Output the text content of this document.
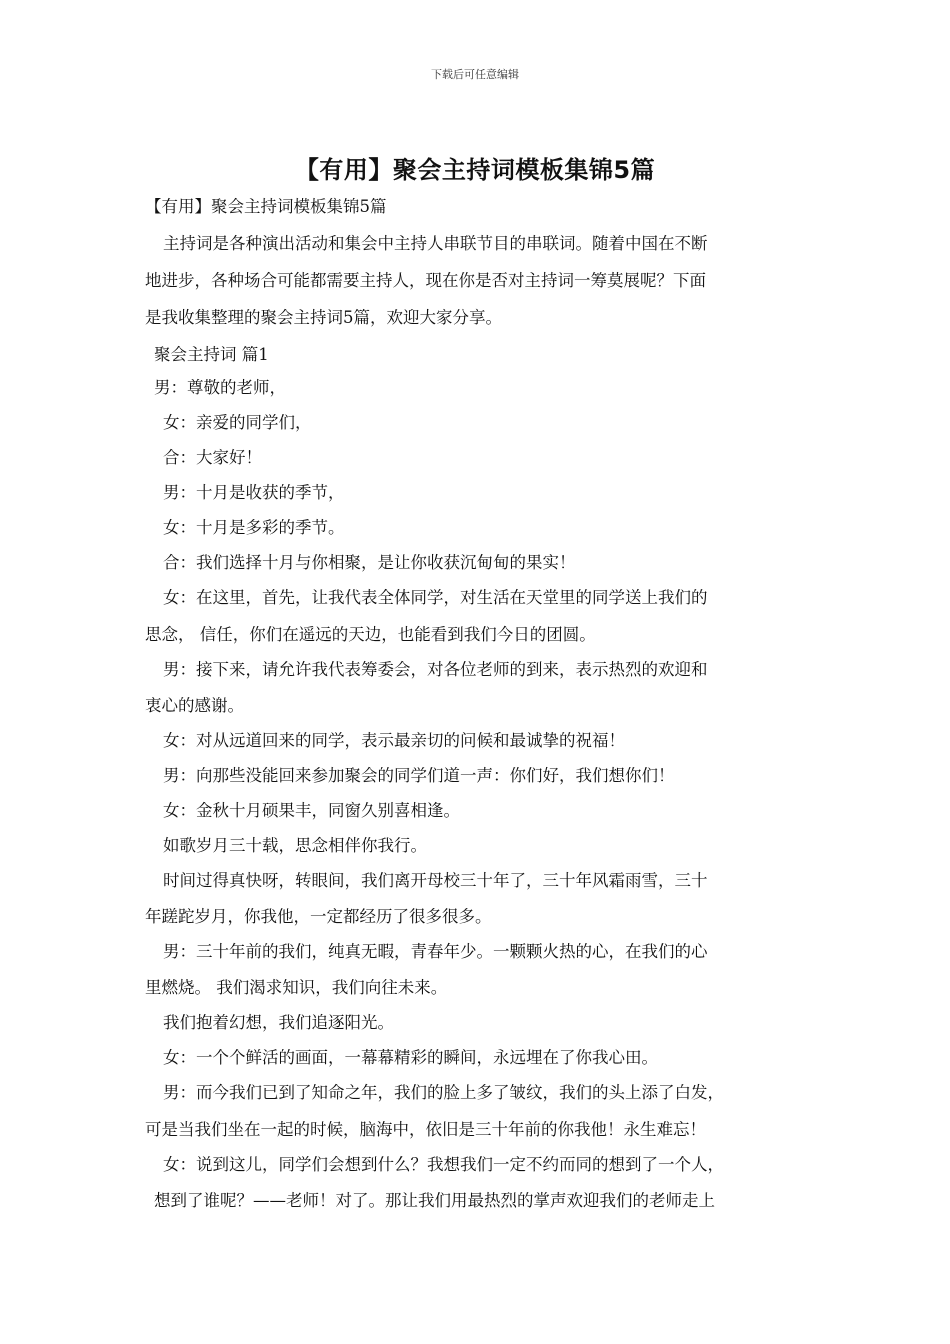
下载后可任意编辑
【有用】聚会主持词模板集锦5篇
【有用】聚会主持词模板集锦5篇
主持词是各种演出活动和集会中主持人串联节目的串联词。随着中国在不断
地进步，各种场合可能都需要主持人，现在你是否对主持词一筹莫展呢？下面
是我收集整理的聚会主持词5篇，欢迎大家分享。
聚会主持词 篇1
男：尊敬的老师，
女：亲爱的同学们，
合：大家好！
男：十月是收获的季节，
女：十月是多彩的季节。
合：我们选择十月与你相聚，是让你收获沉甸甸的果实！
女：在这里，首先，让我代表全体同学，对生活在天堂里的同学送上我们的
思念， 信任，你们在遥远的天边，也能看到我们今日的团圆。
男：接下来，请允许我代表筹委会，对各位老师的到来，表示热烈的欢迎和
衷心的感谢。
女：对从远道回来的同学，表示最亲切的问候和最诚挚的祝福！
男：向那些没能回来参加聚会的同学们道一声：你们好，我们想你们！
女：金秋十月硕果丰，同窗久别喜相逢。
如歌岁月三十载，思念相伴你我行。
时间过得真快呀，转眼间，我们离开母校三十年了，三十年风霜雨雪，三十
年蹉跎岁月，你我他，一定都经历了很多很多。
男：三十年前的我们，纯真无暇，青春年少。一颗颗火热的心，在我们的心
里燃烧。 我们渴求知识，我们向往未来。
我们抱着幻想，我们追逐阳光。
女：一个个鲜活的画面，一幕幕精彩的瞬间，永远埋在了你我心田。
男：而今我们已到了知命之年，我们的脸上多了皱纹，我们的头上添了白发，
可是当我们坐在一起的时候，脑海中，依旧是三十年前的你我他！永生难忘！
女：说到这儿，同学们会想到什么？我想我们一定不约而同的想到了一个人，
想到了谁呢？——老师！对了。那让我们用最热烈的掌声欢迎我们的老师走上
